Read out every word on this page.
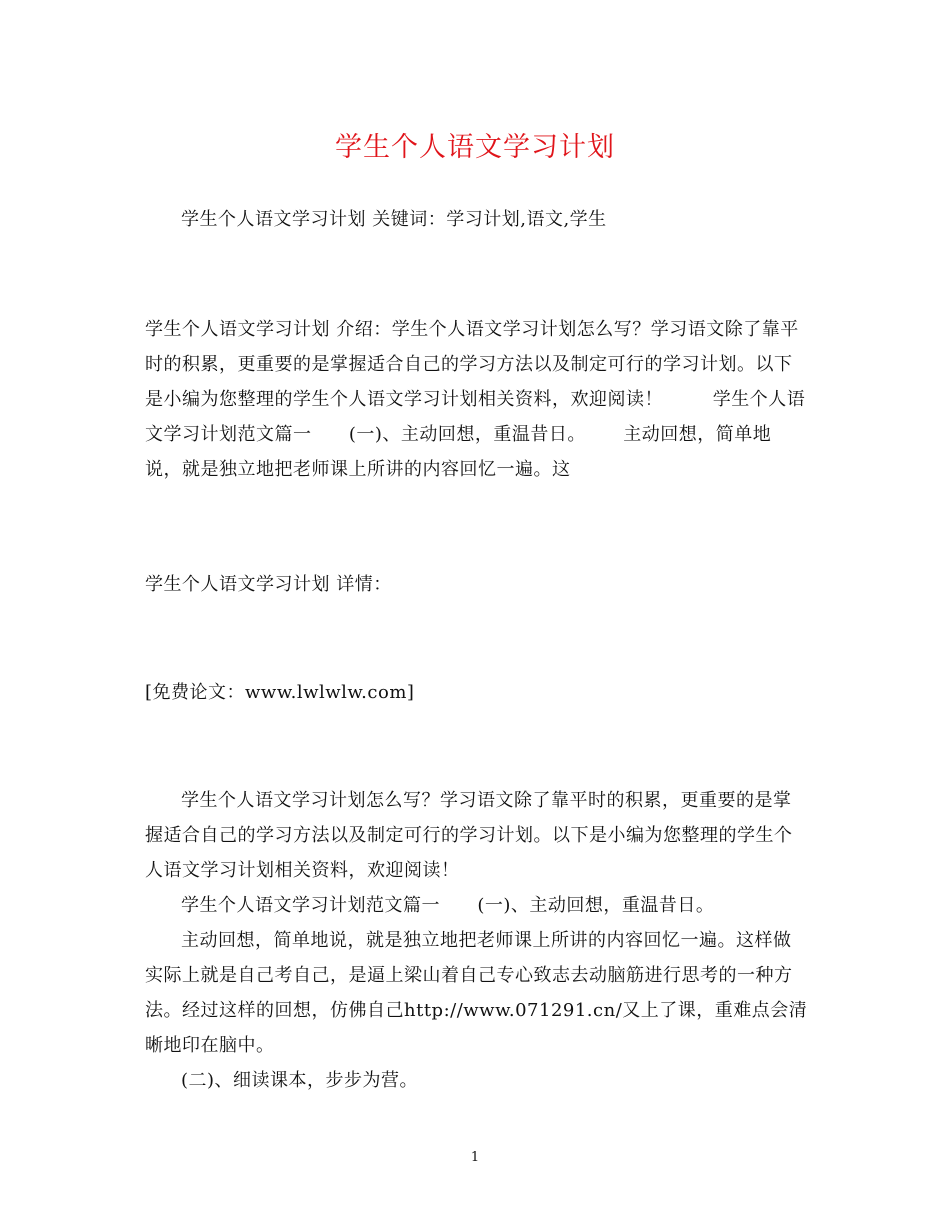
学生个人语文学习计划
学生个人语文学习计划 关键词：学习计划,语文,学生
学生个人语文学习计划 介绍：学生个人语文学习计划怎么写？学习语文除了靠平
时的积累，更重要的是掌握适合自己的学习方法以及制定可行的学习计划。以下
是小编为您整理的学生个人语文学习计划相关资料，欢迎阅读！        学生个人语
文学习计划范文篇一      (一)、主动回想，重温昔日。      主动回想，简单地
说，就是独立地把老师课上所讲的内容回忆一遍。这
学生个人语文学习计划 详情：
[免费论文：www.lwlwlw.com]
学生个人语文学习计划怎么写？学习语文除了靠平时的积累，更重要的是掌
握适合自己的学习方法以及制定可行的学习计划。以下是小编为您整理的学生个
人语文学习计划相关资料，欢迎阅读！
学生个人语文学习计划范文篇一      (一)、主动回想，重温昔日。
主动回想，简单地说，就是独立地把老师课上所讲的内容回忆一遍。这样做
实际上就是自己考自己，是逼上梁山着自己专心致志去动脑筋进行思考的一种方
法。经过这样的回想，仿佛自己http://www.071291.cn/又上了课，重难点会清
晰地印在脑中。
(二)、细读课本，步步为营。
1
